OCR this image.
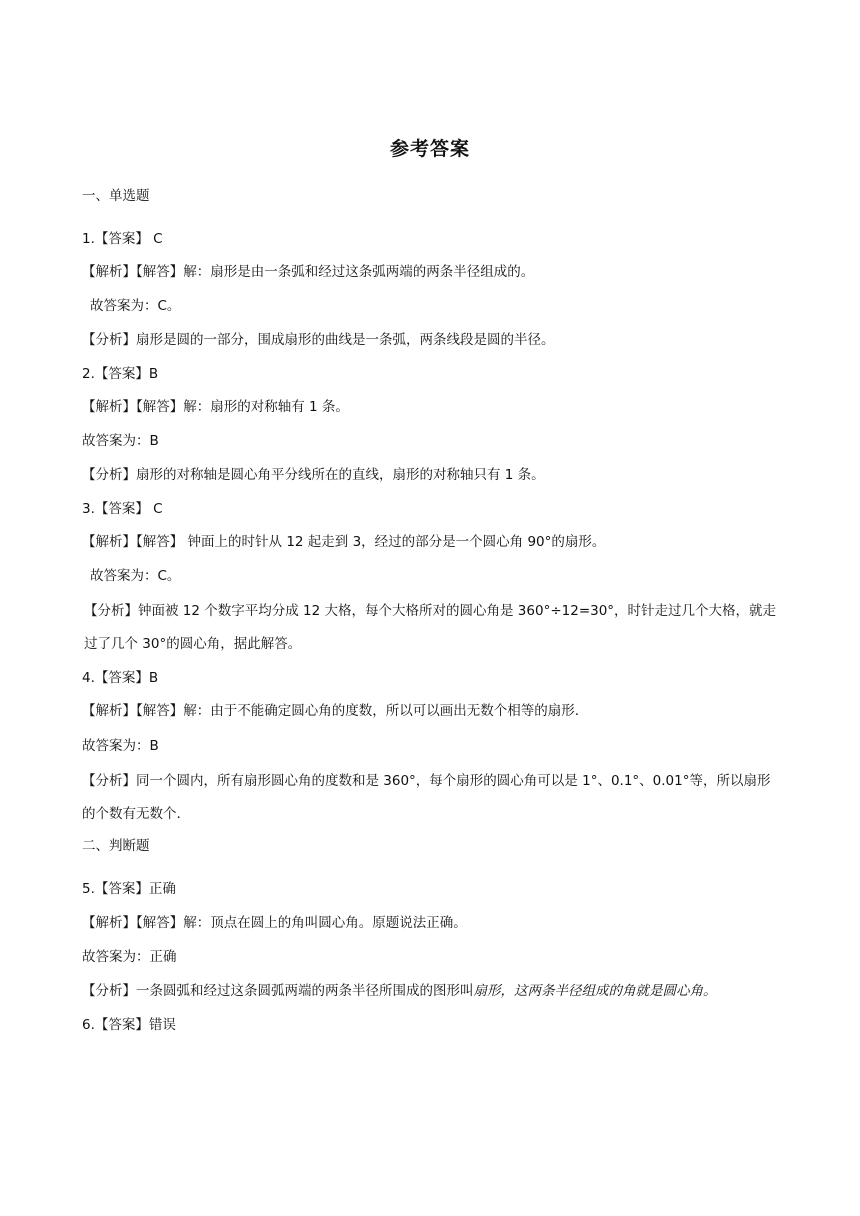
参考答案
一、单选题
1.【答案】 C
【解析】【解答】解：扇形是由一条弧和经过这条弧两端的两条半径组成的。
故答案为：C。
【分析】扇形是圆的一部分，围成扇形的曲线是一条弧，两条线段是圆的半径。
2.【答案】B
【解析】【解答】解：扇形的对称轴有 1 条。
故答案为：B
【分析】扇形的对称轴是圆心角平分线所在的直线，扇形的对称轴只有 1 条。
3.【答案】 C
【解析】【解答】 钟面上的时针从 12 起走到 3，经过的部分是一个圆心角 90°的扇形。
故答案为：C。
【分析】钟面被 12 个数字平均分成 12 大格，每个大格所对的圆心角是 360°÷12=30°，时针走过几个大格，就走过了几个 30°的圆心角，据此解答。
4.【答案】B
【解析】【解答】解：由于不能确定圆心角的度数，所以可以画出无数个相等的扇形.
故答案为：B
【分析】同一个圆内，所有扇形圆心角的度数和是 360°，每个扇形的圆心角可以是 1°、0.1°、0.01°等，所以扇形的个数有无数个.
二、判断题
5.【答案】正确
【解析】【解答】解：顶点在圆上的角叫圆心角。原题说法正确。
故答案为：正确
【分析】一条圆弧和经过这条圆弧两端的两条半径所围成的图形叫扇形，这两条半径组成的角就是圆心角。
6.【答案】错误
